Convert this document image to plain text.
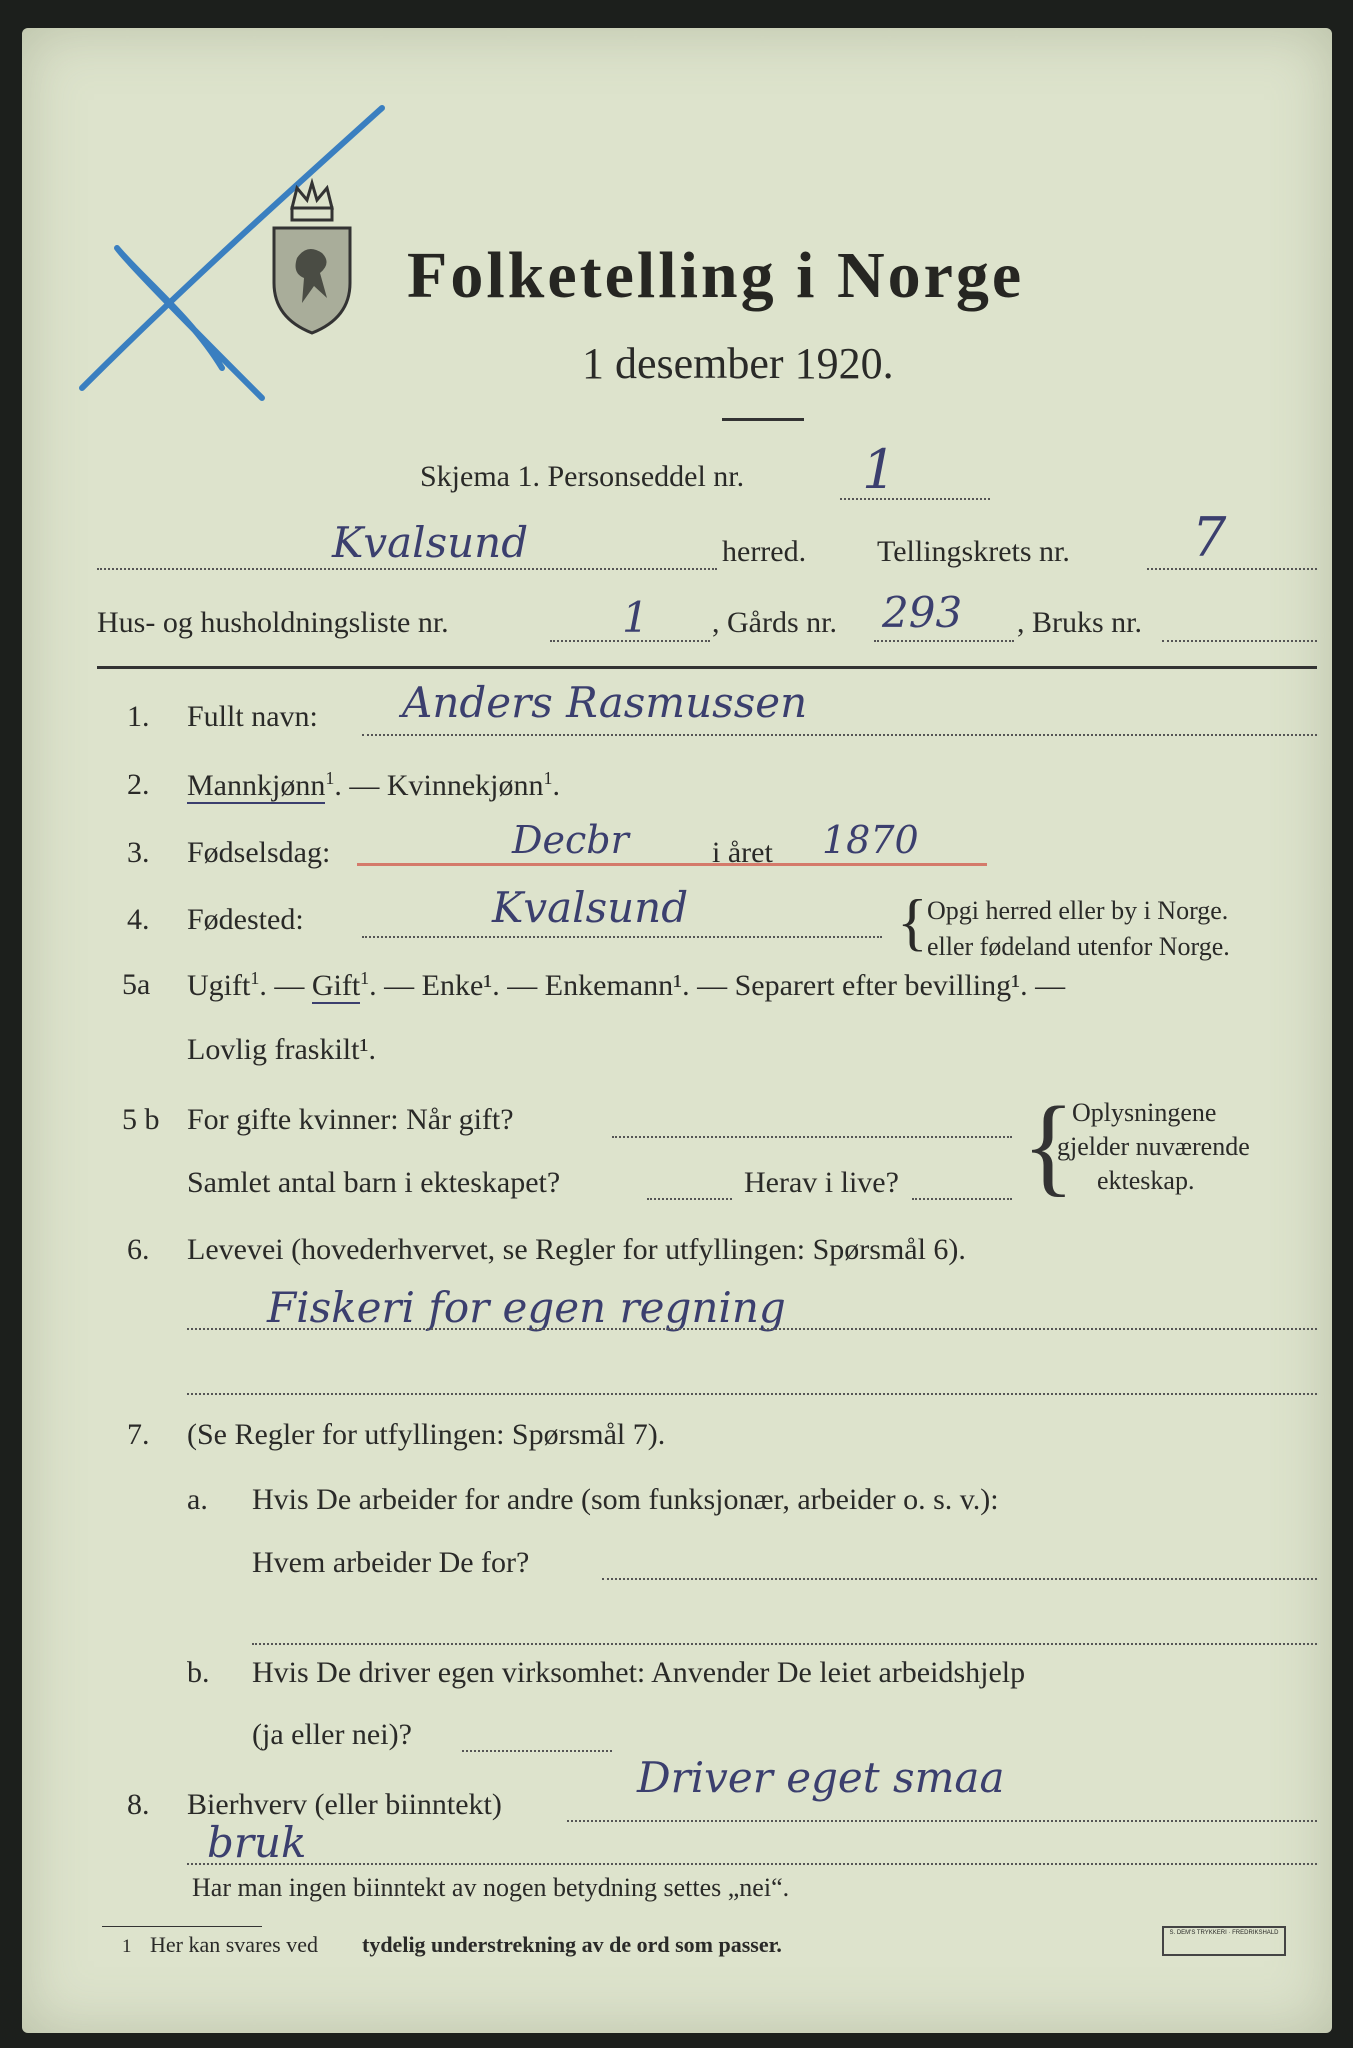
Folketelling i Norge
1 desember 1920.
Skjema 1. Personseddel nr. 1
Kvalsund	herred. Tellingskrets nr. 7
Hus- og husholdningsliste nr.	1 , Gårds nr. 293 , Bruks nr.
1. Fullt navn: Anders Rasmussen
2. Mannkjønn$^1$. — Kvinnekjønn$^1$.
3. Fødselsdag:	Decbr	i året 1870
4. Fødested:	Kvalsund	{ Opgi herred eller by i Norge.
eller fødeland utenfor Norge.
5a Ugift$^1$. — Gift$^1$. — Enke¹. — Enkemann¹. — Separert efter bevilling¹. —
Lovlig fraskilt¹.
5 b For gifte kvinner: Når gift?
Samlet antal barn i ekteskapet?	Herav i live? {
Oplysningene
gjelder nuværende
ekteskap.
6. Levevei (hovederhvervet, se Regler for utfyllingen: Spørsmål 6).
Fiskeri for egen regning
7. (Se Regler for utfyllingen: Spørsmål 7).
a. Hvis De arbeider for andre (som funksjonær, arbeider o. s. v.):
Hvem arbeider De for?
b. Hvis De driver egen virksomhet: Anvender De leiet arbeidshjelp
(ja eller nei)?
8. Bierhverv (eller biinntekt)
Driver eget smaa
bruk
Har man ingen biinntekt av nogen betydning settes „nei“.
1 Her kan svares ved tydelig understrekning av de ord som passer.	S. DEM'S TRYKKERI · FREDRIKSHALD
